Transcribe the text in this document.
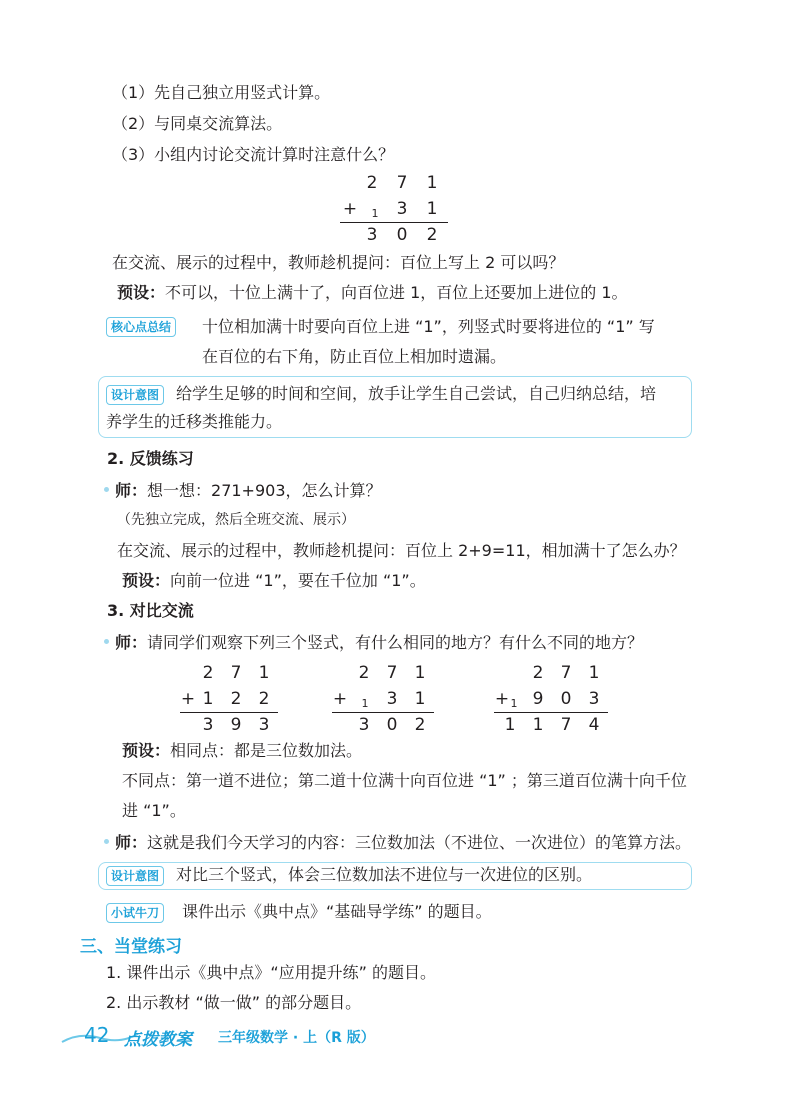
（1）先自己独立用竖式计算。
（2）与同桌交流算法。
（3）小组内讨论交流计算时注意什么？
2 7 1
+ 1 3 1
3 0 2
在交流、展示的过程中，教师趁机提问：百位上写上 2 可以吗？
预设：不可以，十位上满十了，向百位进 1，百位上还要加上进位的 1。
核心点总结	十位相加满十时要向百位上进 “1”，列竖式时要将进位的 “1” 写
在百位的右下角，防止百位上相加时遗漏。
设计意图	给学生足够的时间和空间，放手让学生自己尝试，自己归纳总结，培
养学生的迁移类推能力。
2. 反馈练习
师：想一想：271+903，怎么计算？
（先独立完成，然后全班交流、展示）
在交流、展示的过程中，教师趁机提问：百位上 2+9=11，相加满十了怎么办？
预设：向前一位进 “1”，要在千位加 “1”。
3. 对比交流
师：请同学们观察下列三个竖式，有什么相同的地方？有什么不同的地方？
2 7 1
+ 1 2 2
3 9 3
2 7 1
+ 1 3 1
3 0 2
2 7 1
+ 1 9 0 3
1 1 7 4
预设：相同点：都是三位数加法。
不同点：第一道不进位；第二道十位满十向百位进 “1” ；第三道百位满十向千位
进 “1”。
师：这就是我们今天学习的内容：三位数加法（不进位、一次进位）的笔算方法。
设计意图	对比三个竖式，体会三位数加法不进位与一次进位的区别。
小试牛刀	课件出示《典中点》“基础导学练” 的题目。
三、当堂练习
1. 课件出示《典中点》“应用提升练” 的题目。
2. 出示教材 “做一做” 的部分题目。
42 点拨教案 三年级数学 · 上（R 版）
